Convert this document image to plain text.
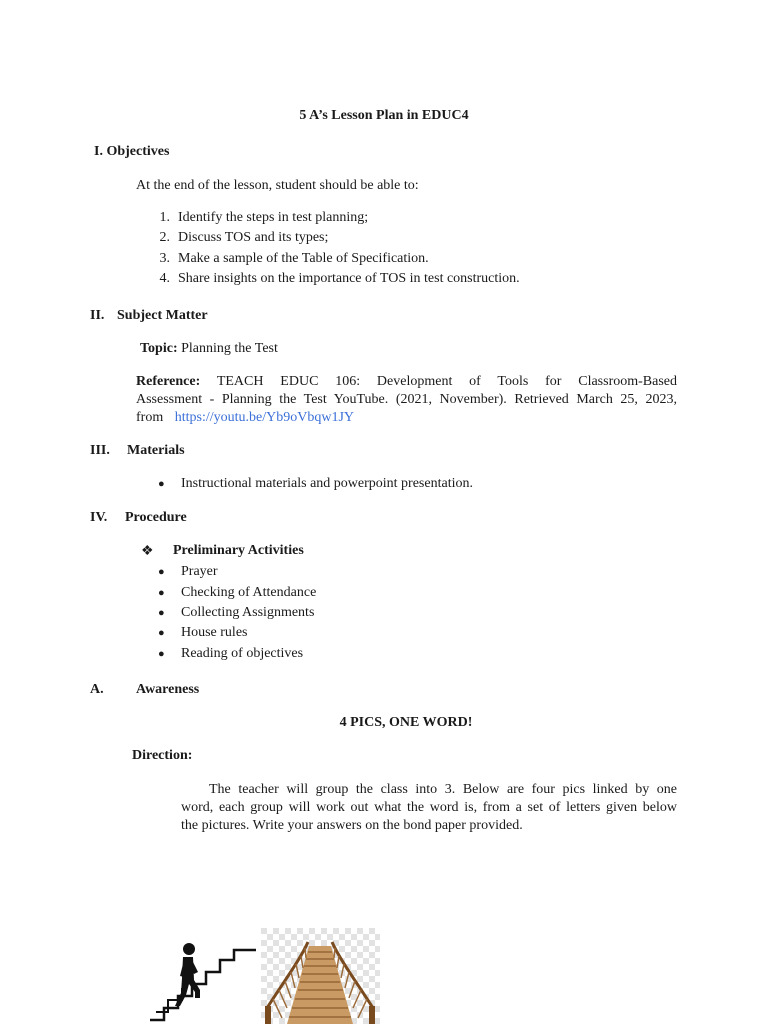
5 A’s Lesson Plan in EDUC4
I. Objectives
At the end of the lesson, student should be able to:
1. Identify the steps in test planning;
2. Discuss TOS and its types;
3. Make a sample of the Table of Specification.
4. Share insights on the importance of TOS in test construction.
II. Subject Matter
Topic: Planning the Test
Reference: TEACH EDUC 106: Development of Tools for Classroom-Based
Assessment - Planning the Test YouTube. (2021, November). Retrieved March 25, 2023,
from https://youtu.be/Yb9oVbqw1JY
III. Materials
● Instructional materials and powerpoint presentation.
IV. Procedure
❖ Preliminary Activities
● Prayer
● Checking of Attendance
● Collecting Assignments
● House rules
● Reading of objectives
A. Awareness
4 PICS, ONE WORD!
Direction:
The teacher will group the class into 3. Below are four pics linked by one
word, each group will work out what the word is, from a set of letters given below
the pictures. Write your answers on the bond paper provided.
